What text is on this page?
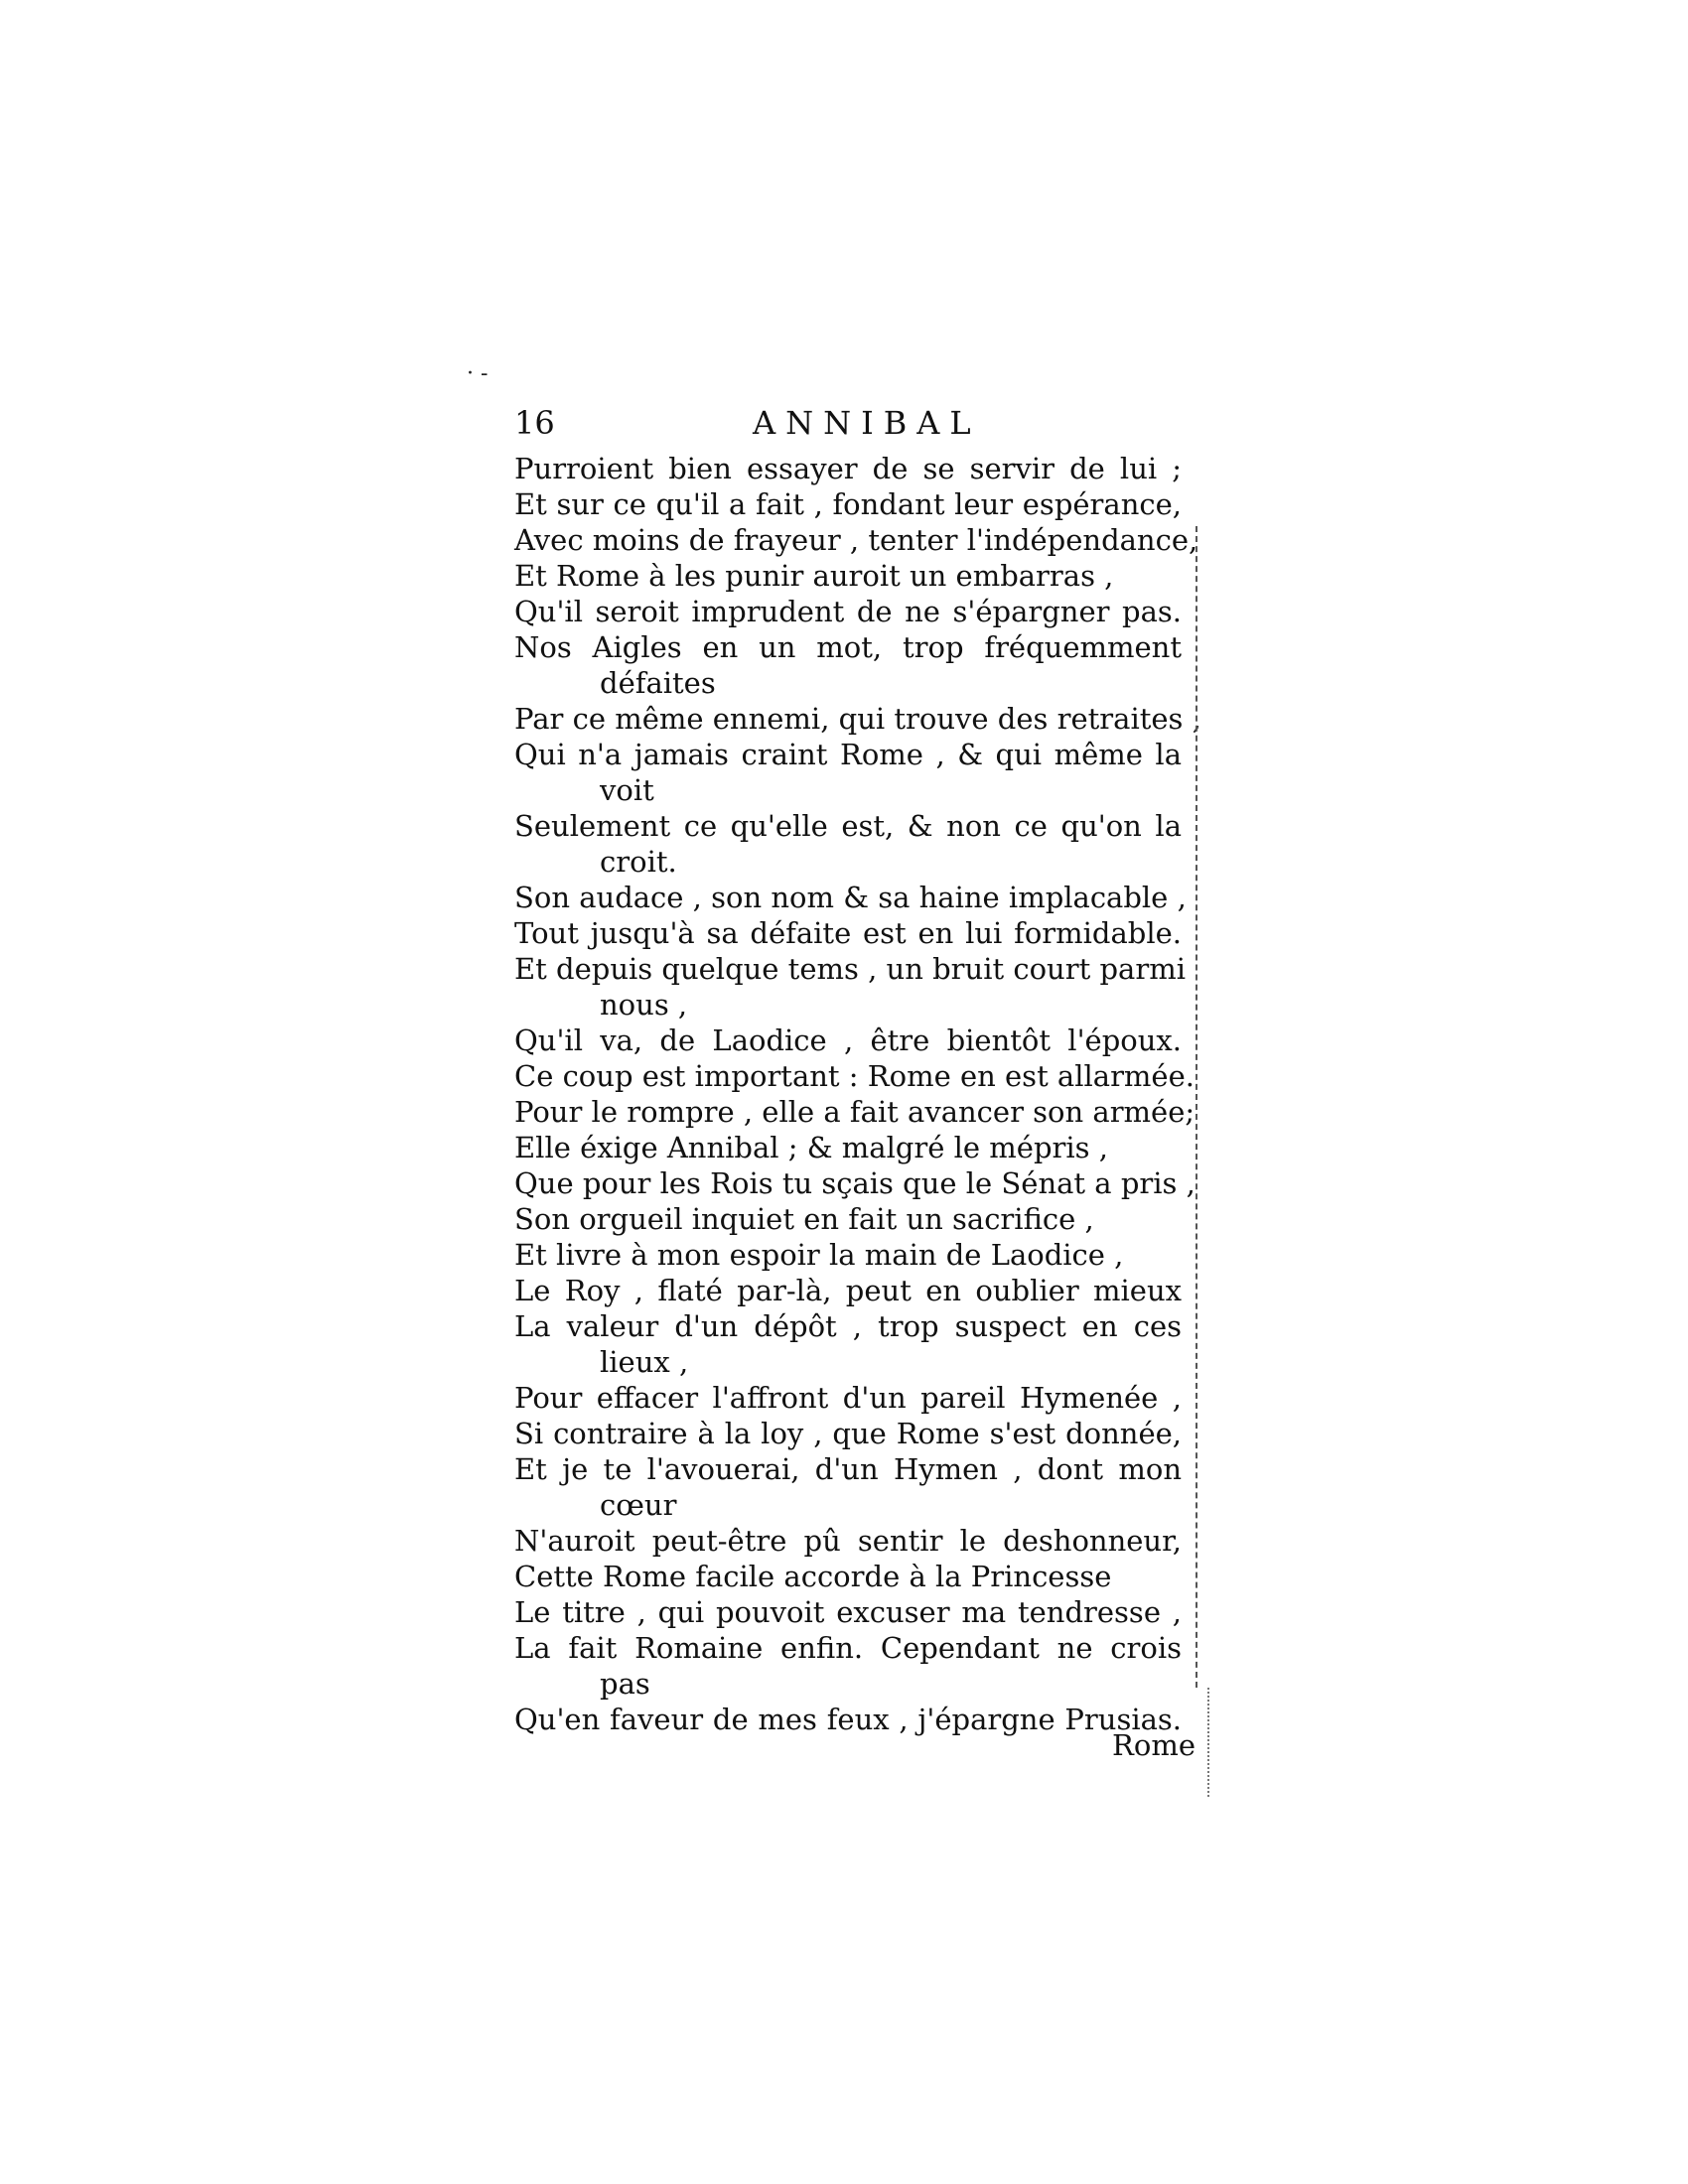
· -
16	ANNIBAL
Purroient bien essayer de se servir de lui ;
Et sur ce qu'il a fait , fondant leur espérance,
Avec moins de frayeur , tenter l'indépendance,
Et Rome à les punir auroit un embarras ,
Qu'il seroit imprudent de ne s'épargner pas.
Nos Aigles en un mot, trop fréquemment
défaites
Par ce même ennemi, qui trouve des retraites ,
Qui n'a jamais craint Rome , & qui même la
voit
Seulement ce qu'elle est, & non ce qu'on la
croit.
Son audace , son nom & sa haine implacable ,
Tout jusqu'à sa défaite est en lui formidable.
Et depuis quelque tems , un bruit court parmi
nous ,
Qu'il va, de Laodice , être bientôt l'époux.
Ce coup est important : Rome en est allarmée.
Pour le rompre , elle a fait avancer son armée;
Elle éxige Annibal ; & malgré le mépris ,
Que pour les Rois tu sçais que le Sénat a pris ,
Son orgueil inquiet en fait un sacrifice ,
Et livre à mon espoir la main de Laodice ,
Le Roy , flaté par-là, peut en oublier mieux
La valeur d'un dépôt , trop suspect en ces
lieux ,
Pour effacer l'affront d'un pareil Hymenée ,
Si contraire à la loy , que Rome s'est donnée,
Et je te l'avouerai, d'un Hymen , dont mon
cœur
N'auroit peut-être pû sentir le deshonneur,
Cette Rome facile accorde à la Princesse
Le titre , qui pouvoit excuser ma tendresse ,
La fait Romaine enfin. Cependant ne crois
pas
Qu'en faveur de mes feux , j'épargne Prusias.
Rome
